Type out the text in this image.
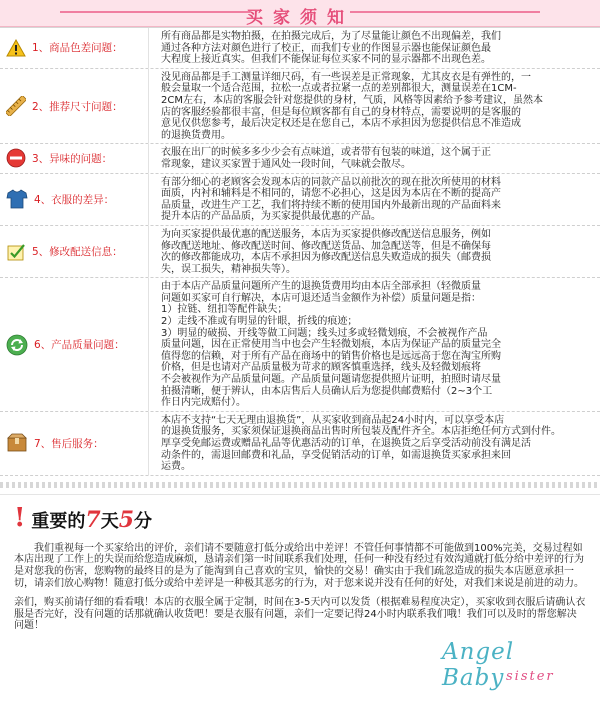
买家须知
1、商品色差问题：

所有商品都是实物拍摄，在拍摄完成后，为了尽量能让颜色不出现偏差，我们

通过各种方法对颜色进行了校正，而我们专业的作图显示器也能保证颜色最

大程度上接近真实。但我们不能保证每位买家不同的显示器都不出现色差。

2、推荐尺寸问题：

没见商品都是手工测量详细尺码，有一些误差是正常现象，尤其皮衣是有弹性的，一

般会量取一个适合范围，拉松一点或者拉紧一点的差别都很大，测量误差在1CM-

2CM左右，本店的客服会针对您提供的身材，气质，风格等因素给予参考建议，虽然本

店的客服经验都很丰富，但是每位顾客都有自己的身材特点，需要说明的是客服的

意见仅供您参考，最后决定权还是在您自己，本店不承担因为您提供信息不准造成

的退换货费用。

3、异味的问题：

衣服在出厂的时候多多少少会有点味道，或者带有包装的味道，这个属于正

常现象，建议买家置于通风处一段时间，气味就会散尽。

4、衣服的差异：

有部分细心的老顾客会发现本店的同款产品以前批次的现在批次所使用的材料

面质，内衬和辅料是不相同的，请您不必担心，这是因为本店在不断的提高产

品质量，改进生产工艺，我们将持续不断的使用国内外最新出现的产品面料来

提升本店的产品品质，为买家提供最优惠的产品。

5、修改配送信息：

为向买家提供最优惠的配送服务，本店为买家提供修改配送信息服务，例如

修改配送地址、修改配送时间、修改配送货品、加急配送等，但是不确保每

次的修改都能成功，本店不承担因为修改配送信息失败造成的损失（邮费损

失，误工损失，精神损失等）。

6、产品质量问题：

由于本店产品质量问题所产生的退换货费用均由本店全部承担（轻微质量

问题如买家可自行解决，本店可退还适当金额作为补偿）质量问题是指：

1）拉链、纽扣等配件缺失；

2）走线不准或有明显的针眼，折线的痕迹；

3）明显的破损、开线等做工问题；线头过多或轻微划痕，不会被视作产品

质量问题，因在正常使用当中也会产生轻微划痕，本店为保证产品的质量完全

值得您的信赖，对于所有产品在商场中的销售价格也是远远高于您在淘宝所购

价格，但是也请对产品质量极为苛求的顾客慎重选择，线头及轻微划痕将

不会被视作为产品质量问题。产品质量问题请您提供照片证明，拍照时请尽量

拍摄清晰，便于辨认，由本店售后人员确认后为您提供邮费赔付（2~3个工

作日内完成赔付）。

7、售后服务：

本店不支持“七天无理由退换货”，从买家收到商品起24小时内，可以享受本店

的退换货服务，买家须保证退换商品出售时所包装及配件齐全。本店拒绝任何方式到付件。

厚享受免邮运费或赠品礼品等优惠活动的订单，在退换货之后享受活动前没有满足活

动条件的，需退回邮费和礼品，享受促销活动的订单，如需退换货买家承担来回

运费。

! 重要的 7 天 5 分

我们重视每一个买家给出的评价，亲们请不要随意打低分或给出中差评！不管任何事情都不可能做到100%完美，交易过程如本店出现了工作上的失误而给您造成麻烦，恳请亲们第一时间联系我们处理，任何一种没有经过有效沟通就打低分给中差评的行为是对您我的伤害，您购物的最终目的是为了能淘到自己喜欢的宝贝，愉快的交易！确实由于我们疏忽造成的损失本店愿意承担一切，请亲们放心购物！随意打低分或给中差评是一种极其恶劣的行为，对于您来说并没有任何的好处，对我们来说是前进的动力。

亲们，购买前请仔细的看看哦！本店的衣服全属于定制，时间在3-5天内可以发货（根据难易程度决定），买家收到衣服后请确认衣服是否完好，没有问题的话那就确认收货吧！要是衣服有问题，亲们一定要记得24小时内联系我们哦！我们可以及时的帮您解决问题！

Angel Baby sister
